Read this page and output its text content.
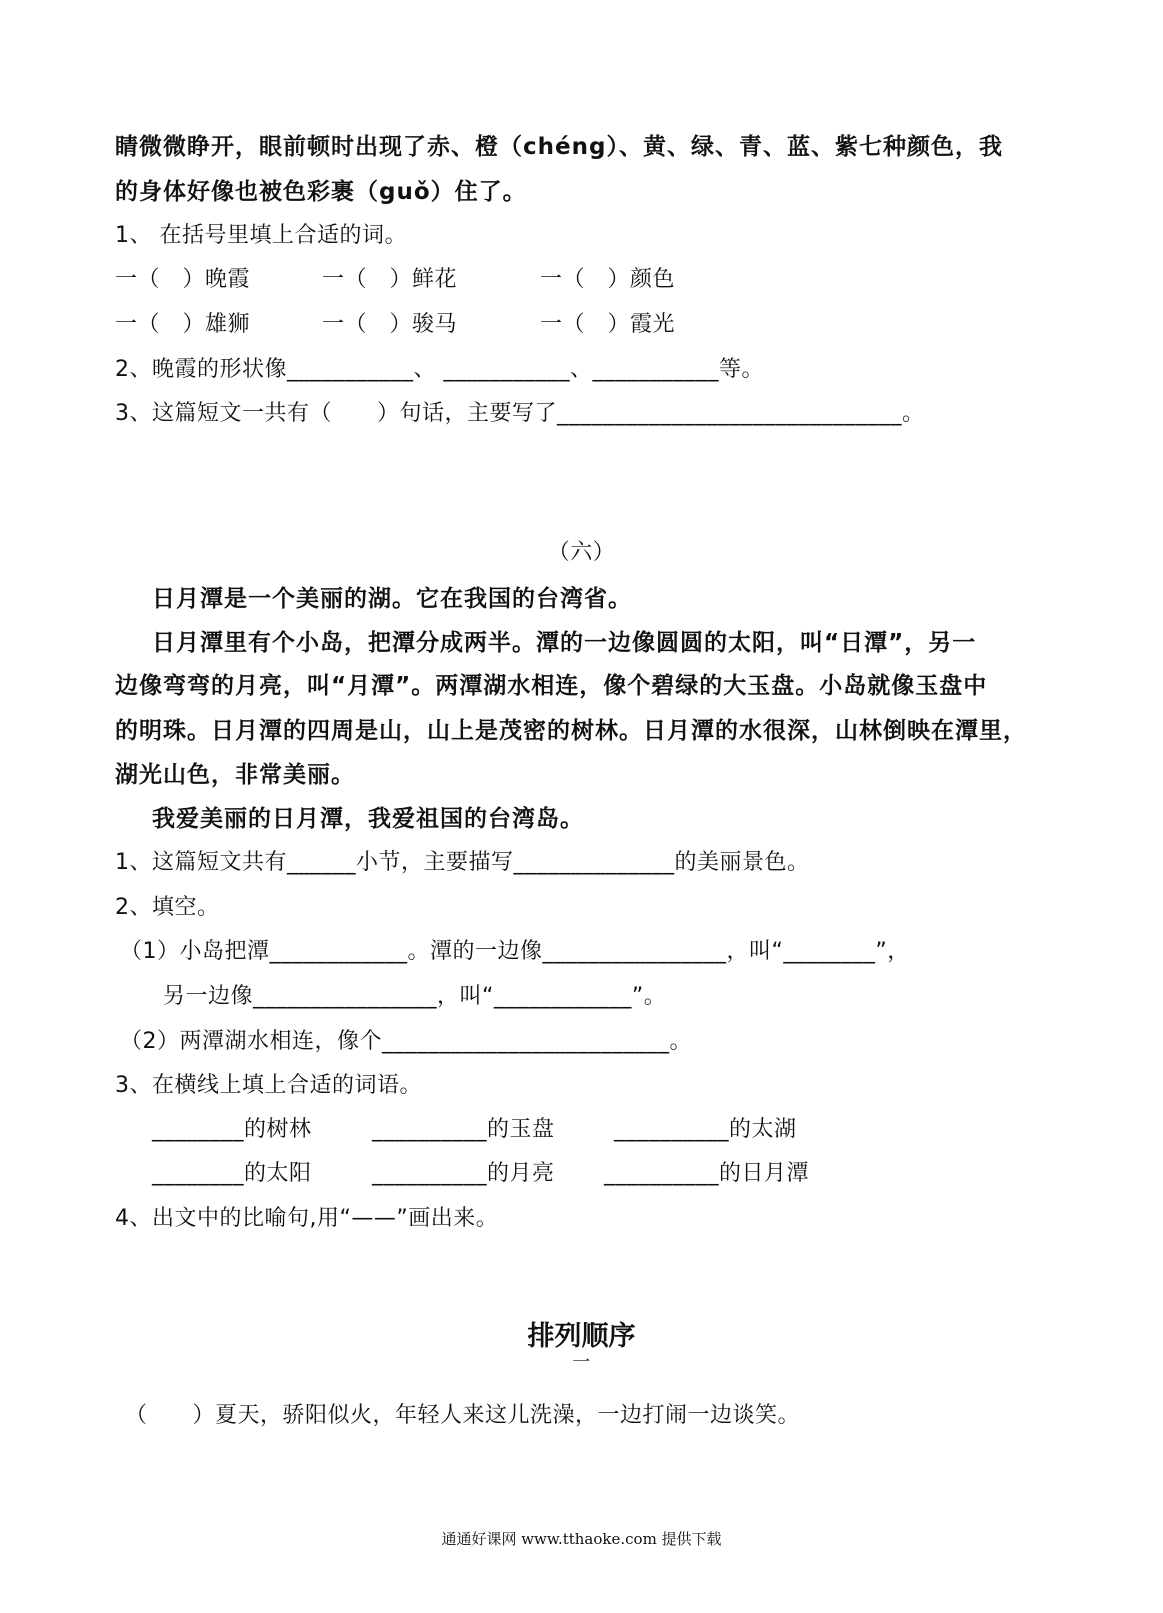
睛微微睁开，眼前顿时出现了赤、橙（chéng）、黄、绿、青、蓝、紫七种颜色，我
的身体好像也被色彩裹（guǒ）住了。
1、 在括号里填上合适的词。
一（　）晚霞	一（　）鲜花	一（　）颜色
一（　）雄狮	一（　）骏马	一（　）霞光
2、晚霞的形状像___________、 ___________、___________等。
3、这篇短文一共有（　　）句话，主要写了______________________________。
（六）
日月潭是一个美丽的湖。它在我国的台湾省。
日月潭里有个小岛，把潭分成两半。潭的一边像圆圆的太阳，叫“日潭”，另一
边像弯弯的月亮，叫“月潭”。两潭湖水相连，像个碧绿的大玉盘。小岛就像玉盘中
的明珠。日月潭的四周是山，山上是茂密的树林。日月潭的水很深，山林倒映在潭里，
湖光山色，非常美丽。
我爱美丽的日月潭，我爱祖国的台湾岛。
1、这篇短文共有______小节，主要描写______________的美丽景色。
2、填空。
（1）小岛把潭____________。潭的一边像________________，叫“________”，
另一边像________________，叫“____________”。
（2）两潭湖水相连，像个_________________________。
3、在横线上填上合适的词语。
________的树林	__________的玉盘	__________的太湖
________的太阳	__________的月亮 __________的日月潭
4、出文中的比喻句,用“——”画出来。
排列顺序
一
（　　）夏天，骄阳似火，年轻人来这儿洗澡，一边打闹一边谈笑。
通通好课网 www.tthaoke.com 提供下载
